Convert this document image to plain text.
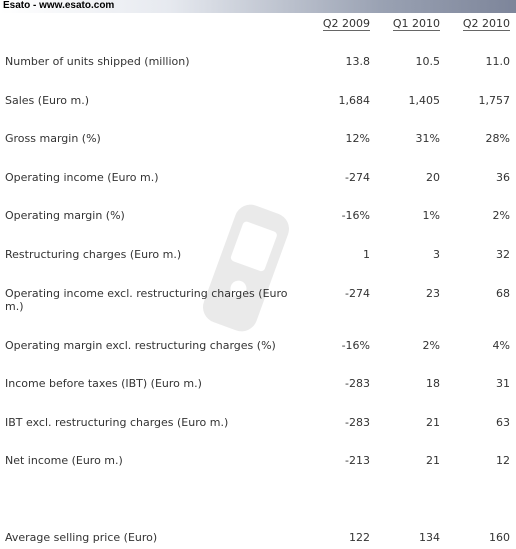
Esato - www.esato.com
Q2 2009 Q1 2010 Q2 2010
Number of units shipped (million)	13.8	10.5	11.0
Sales (Euro m.)	1,684	1,405	1,757
Gross margin (%)	12%	31%	28%
Operating income (Euro m.)	-274	20	36
Operating margin (%)	-16%	1%	2%
Restructuring charges (Euro m.)	1	3	32
Operating income excl. restructuring charges (Euro m.)
-274	23	68
Operating margin excl. restructuring charges (%)	-16%	2%	4%
Income before taxes (IBT) (Euro m.)	-283	18	31
IBT excl. restructuring charges (Euro m.)	-283	21	63
Net income (Euro m.)	-213	21	12
Average selling price (Euro)	122	134	160
